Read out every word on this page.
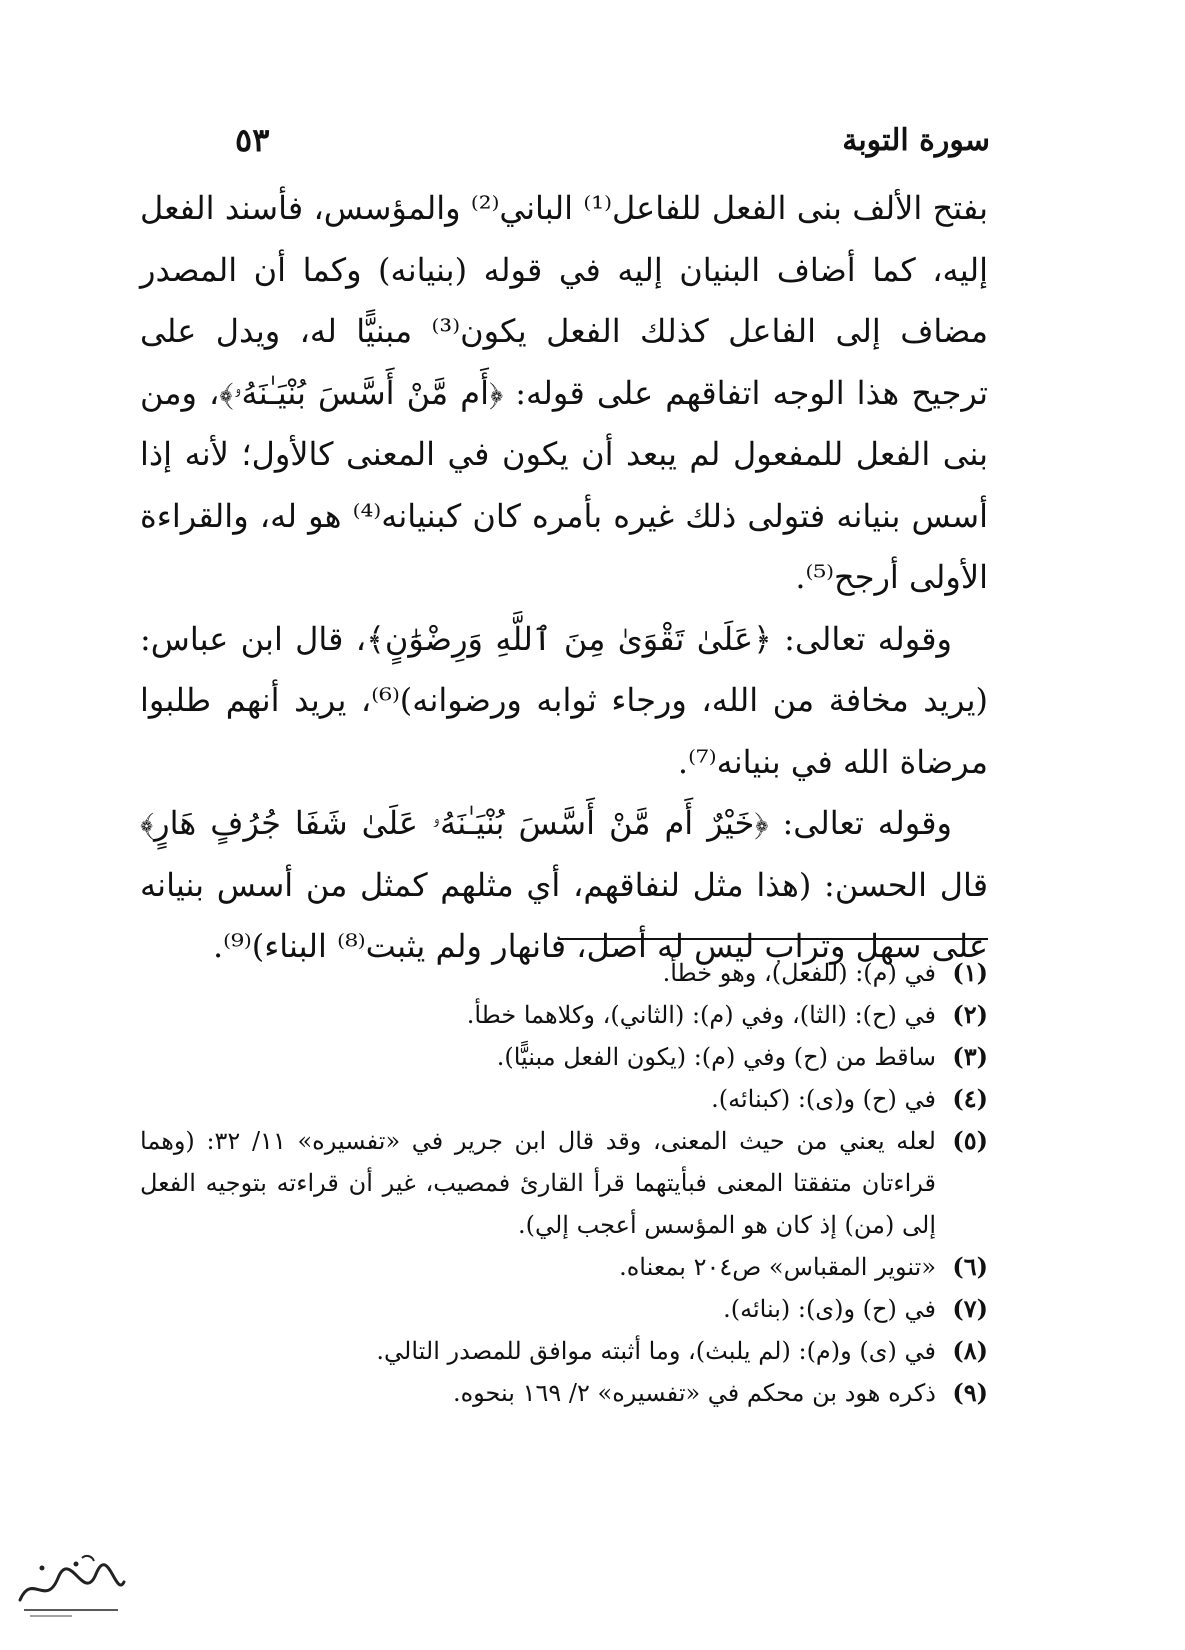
سورة التوبة
٥٣

بفتح الألف بنى الفعل للفاعل⁽¹⁾ الباني⁽²⁾ والمؤسس، فأسند الفعل إليه، كما أضاف البنيان إليه في قوله (بنيانه) وكما أن المصدر مضاف إلى الفاعل كذلك الفعل يكون⁽³⁾ مبنيًّا له، ويدل على ترجيح هذا الوجه اتفاقهم على قوله: ﴿أَم مَّنْ أَسَّسَ بُنْيَـٰنَهُۥ﴾، ومن بنى الفعل للمفعول لم يبعد أن يكون في المعنى كالأول؛ لأنه إذا أسس بنيانه فتولى ذلك غيره بأمره كان كبنيانه⁽⁴⁾ هو له، والقراءة الأولى أرجح⁽⁵⁾.

وقوله تعالى: ﴿عَلَىٰ تَقْوَىٰ مِنَ ٱللَّهِ وَرِضْوَٰنٍ﴾، قال ابن عباس: (يريد مخافة من الله، ورجاء ثوابه ورضوانه)⁽⁶⁾، يريد أنهم طلبوا مرضاة الله في بنيانه⁽⁷⁾.

وقوله تعالى: ﴿خَيْرٌ أَم مَّنْ أَسَّسَ بُنْيَـٰنَهُۥ عَلَىٰ شَفَا جُرُفٍ هَارٍ﴾ قال الحسن: (هذا مثل لنفاقهم، أي مثلهم كمثل من أسس بنيانه على سهل وتراب ليس له أصل، فانهار ولم يثبت⁽⁸⁾ البناء)⁽⁹⁾.

(١)
في (م): (للفعل)، وهو خطأ.
(٢)
في (ح): (الثا)، وفي (م): (الثاني)، وكلاهما خطأ.
(٣)
ساقط من (ح) وفي (م): (يكون الفعل مبنيًّا).
(٤)
في (ح) و(ى): (كبنائه).
(٥)
لعله يعني من حيث المعنى، وقد قال ابن جرير في «تفسيره» ١١/ ٣٢: (وهما قراءتان متفقتا المعنى فبأيتهما قرأ القارئ فمصيب، غير أن قراءته بتوجيه الفعل إلى (من) إذ كان هو المؤسس أعجب إلي).
(٦)
«تنوير المقباس» ص٢٠٤ بمعناه.
(٧)
في (ح) و(ى): (بنائه).
(٨)
في (ى) و(م): (لم يلبث)، وما أثبته موافق للمصدر التالي.
(٩)
ذكره هود بن محكم في «تفسيره» ٢/ ١٦٩ بنحوه.
